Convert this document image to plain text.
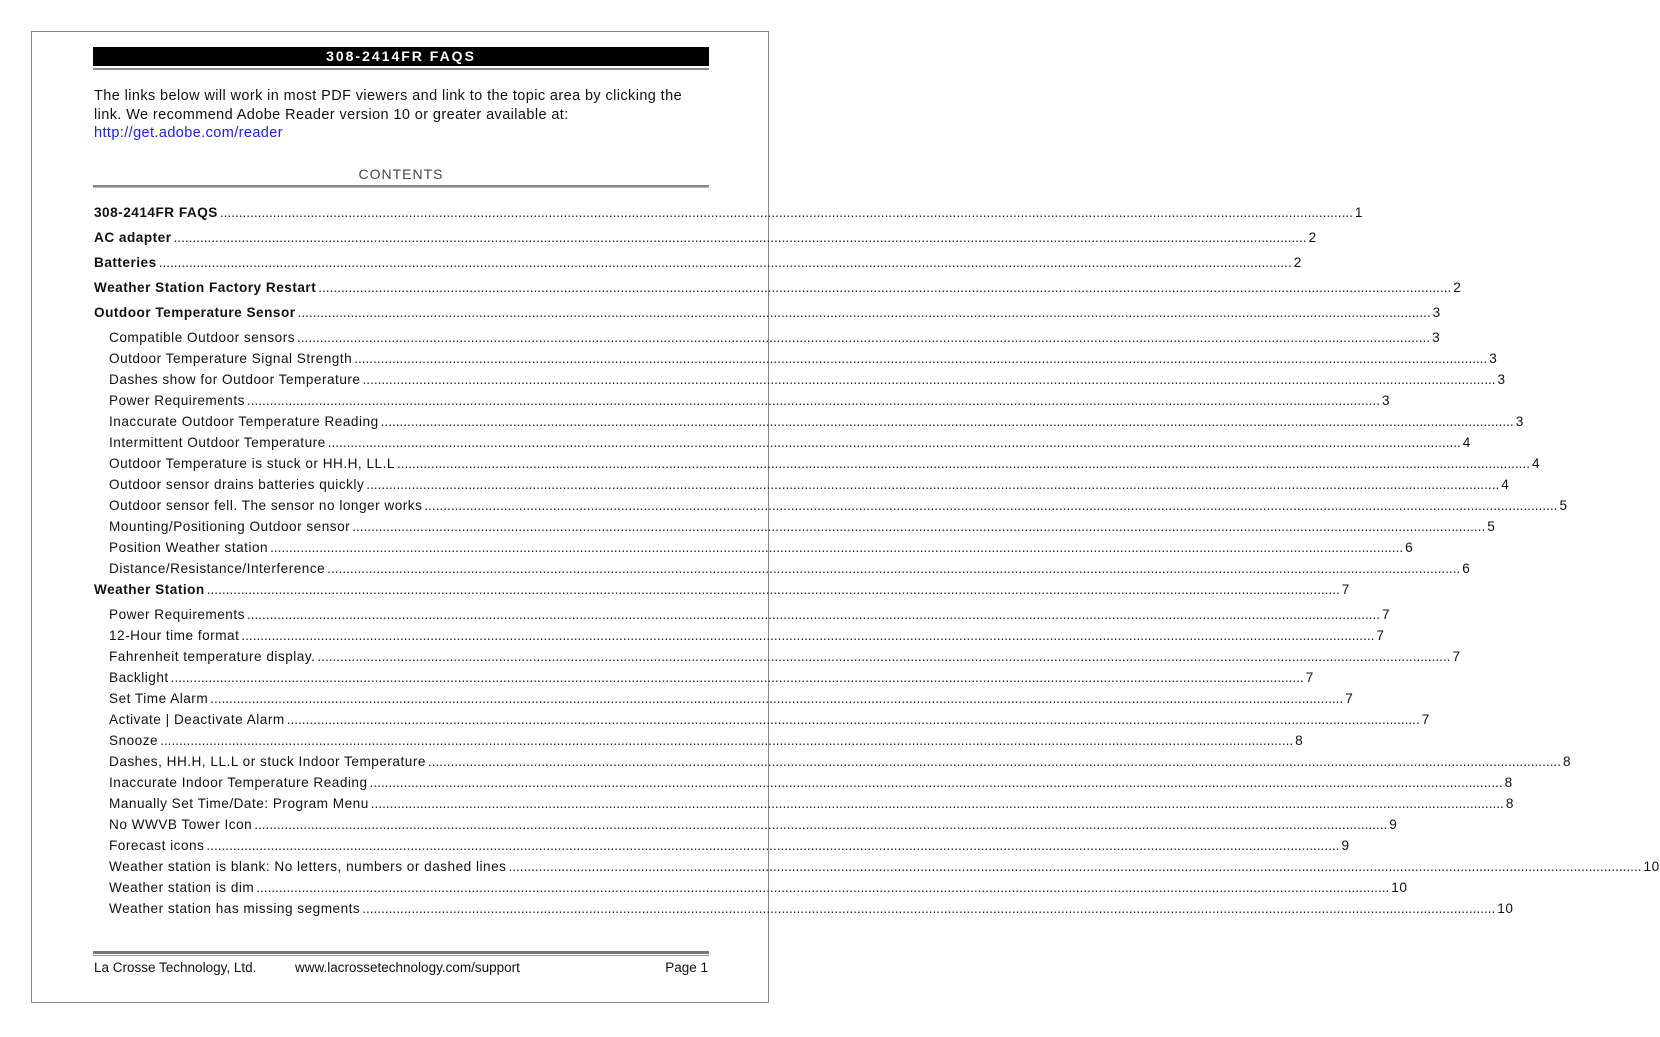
308-2414FR FAQS
The links below will work in most PDF viewers and link to the topic area by clicking the link. We recommend Adobe Reader version 10 or greater available at:
http://get.adobe.com/reader
CONTENTS
308-2414FR FAQS ............................................................................................................................................................................................................................................................................................................ 1
AC adapter ............................................................................................................................................................................................................................................................................................................ 2
Batteries ............................................................................................................................................................................................................................................................................................................ 2
Weather Station Factory Restart ............................................................................................................................................................................................................................................................................................................ 2
Outdoor Temperature Sensor ............................................................................................................................................................................................................................................................................................................ 3
Compatible Outdoor sensors ............................................................................................................................................................................................................................................................................................................ 3
Outdoor Temperature Signal Strength ............................................................................................................................................................................................................................................................................................................ 3
Dashes show for Outdoor Temperature ............................................................................................................................................................................................................................................................................................................ 3
Power Requirements ............................................................................................................................................................................................................................................................................................................ 3
Inaccurate Outdoor Temperature Reading ............................................................................................................................................................................................................................................................................................................ 3
Intermittent Outdoor Temperature ............................................................................................................................................................................................................................................................................................................ 4
Outdoor Temperature is stuck or HH.H, LL.L ............................................................................................................................................................................................................................................................................................................ 4
Outdoor sensor drains batteries quickly ............................................................................................................................................................................................................................................................................................................ 4
Outdoor sensor fell. The sensor no longer works ............................................................................................................................................................................................................................................................................................................ 5
Mounting/Positioning Outdoor sensor ............................................................................................................................................................................................................................................................................................................ 5
Position Weather station ............................................................................................................................................................................................................................................................................................................ 6
Distance/Resistance/Interference ............................................................................................................................................................................................................................................................................................................ 6
Weather Station ............................................................................................................................................................................................................................................................................................................ 7
Power Requirements ............................................................................................................................................................................................................................................................................................................ 7
12-Hour time format ............................................................................................................................................................................................................................................................................................................ 7
Fahrenheit temperature display. ............................................................................................................................................................................................................................................................................................................ 7
Backlight ............................................................................................................................................................................................................................................................................................................ 7
Set Time Alarm ............................................................................................................................................................................................................................................................................................................ 7
Activate | Deactivate Alarm ............................................................................................................................................................................................................................................................................................................ 7
Snooze ............................................................................................................................................................................................................................................................................................................ 8
Dashes, HH.H, LL.L or stuck Indoor Temperature ............................................................................................................................................................................................................................................................................................................ 8
Inaccurate Indoor Temperature Reading ............................................................................................................................................................................................................................................................................................................ 8
Manually Set Time/Date: Program Menu ............................................................................................................................................................................................................................................................................................................ 8
No WWVB Tower Icon ............................................................................................................................................................................................................................................................................................................ 9
Forecast icons ............................................................................................................................................................................................................................................................................................................ 9
Weather station is blank: No letters, numbers or dashed lines ............................................................................................................................................................................................................................................................................................................ 10
Weather station is dim ............................................................................................................................................................................................................................................................................................................ 10
Weather station has missing segments ............................................................................................................................................................................................................................................................................................................ 10
La Crosse Technology, Ltd.	www.lacrossetechnology.com/support	Page 1
